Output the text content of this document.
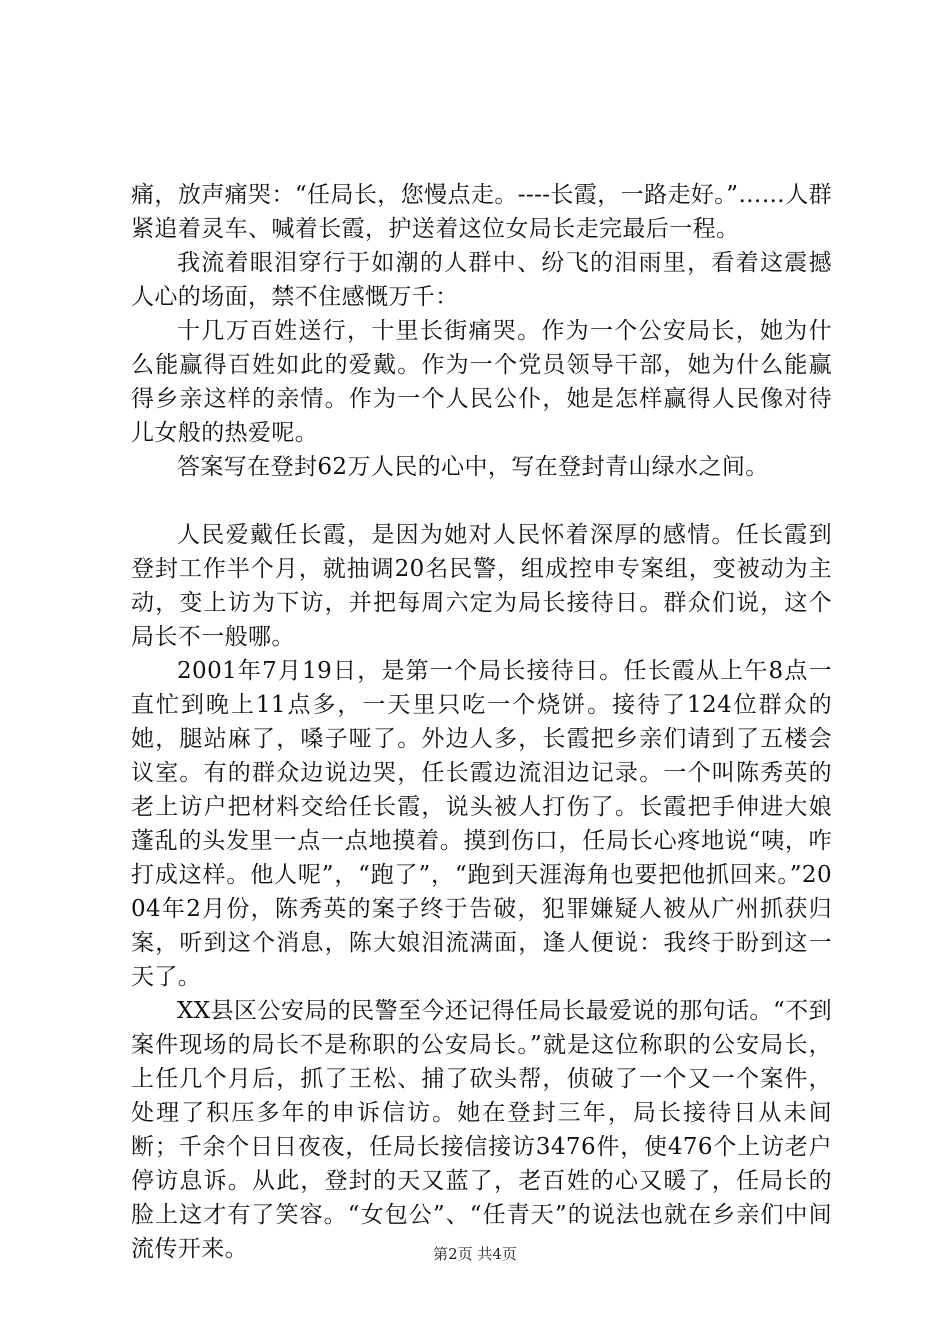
痛，放声痛哭：“任局长，您慢点走。----长霞，一路走好。”……人群紧追着灵车、喊着长霞，护送着这位女局长走完最后一程。

我流着眼泪穿行于如潮的人群中、纷飞的泪雨里，看着这震撼人心的场面，禁不住感慨万千：

十几万百姓送行，十里长街痛哭。作为一个公安局长，她为什么能赢得百姓如此的爱戴。作为一个党员领导干部，她为什么能赢得乡亲这样的亲情。作为一个人民公仆，她是怎样赢得人民像对待儿女般的热爱呢。

答案写在登封62万人民的心中，写在登封青山绿水之间。

人民爱戴任长霞，是因为她对人民怀着深厚的感情。任长霞到登封工作半个月，就抽调20名民警，组成控申专案组，变被动为主动，变上访为下访，并把每周六定为局长接待日。群众们说，这个局长不一般哪。

2001年7月19日，是第一个局长接待日。任长霞从上午8点一直忙到晚上11点多，一天里只吃一个烧饼。接待了124位群众的她，腿站麻了，嗓子哑了。外边人多，长霞把乡亲们请到了五楼会议室。有的群众边说边哭，任长霞边流泪边记录。一个叫陈秀英的老上访户把材料交给任长霞，说头被人打伤了。长霞把手伸进大娘蓬乱的头发里一点一点地摸着。摸到伤口，任局长心疼地说“咦，咋打成这样。他人呢”，“跑了”，“跑到天涯海角也要把他抓回来。”2004年2月份，陈秀英的案子终于告破，犯罪嫌疑人被从广州抓获归案，听到这个消息，陈大娘泪流满面，逢人便说：我终于盼到这一天了。

XX县区公安局的民警至今还记得任局长最爱说的那句话。“不到案件现场的局长不是称职的公安局长。”就是这位称职的公安局长，上任几个月后，抓了王松、捕了砍头帮，侦破了一个又一个案件，处理了积压多年的申诉信访。她在登封三年，局长接待日从未间断；千余个日日夜夜，任局长接信接访3476件，使476个上访老户停访息诉。从此，登封的天又蓝了，老百姓的心又暖了，任局长的脸上这才有了笑容。“女包公”、“任青天”的说法也就在乡亲们中间流传开来。	第2页 共4页
